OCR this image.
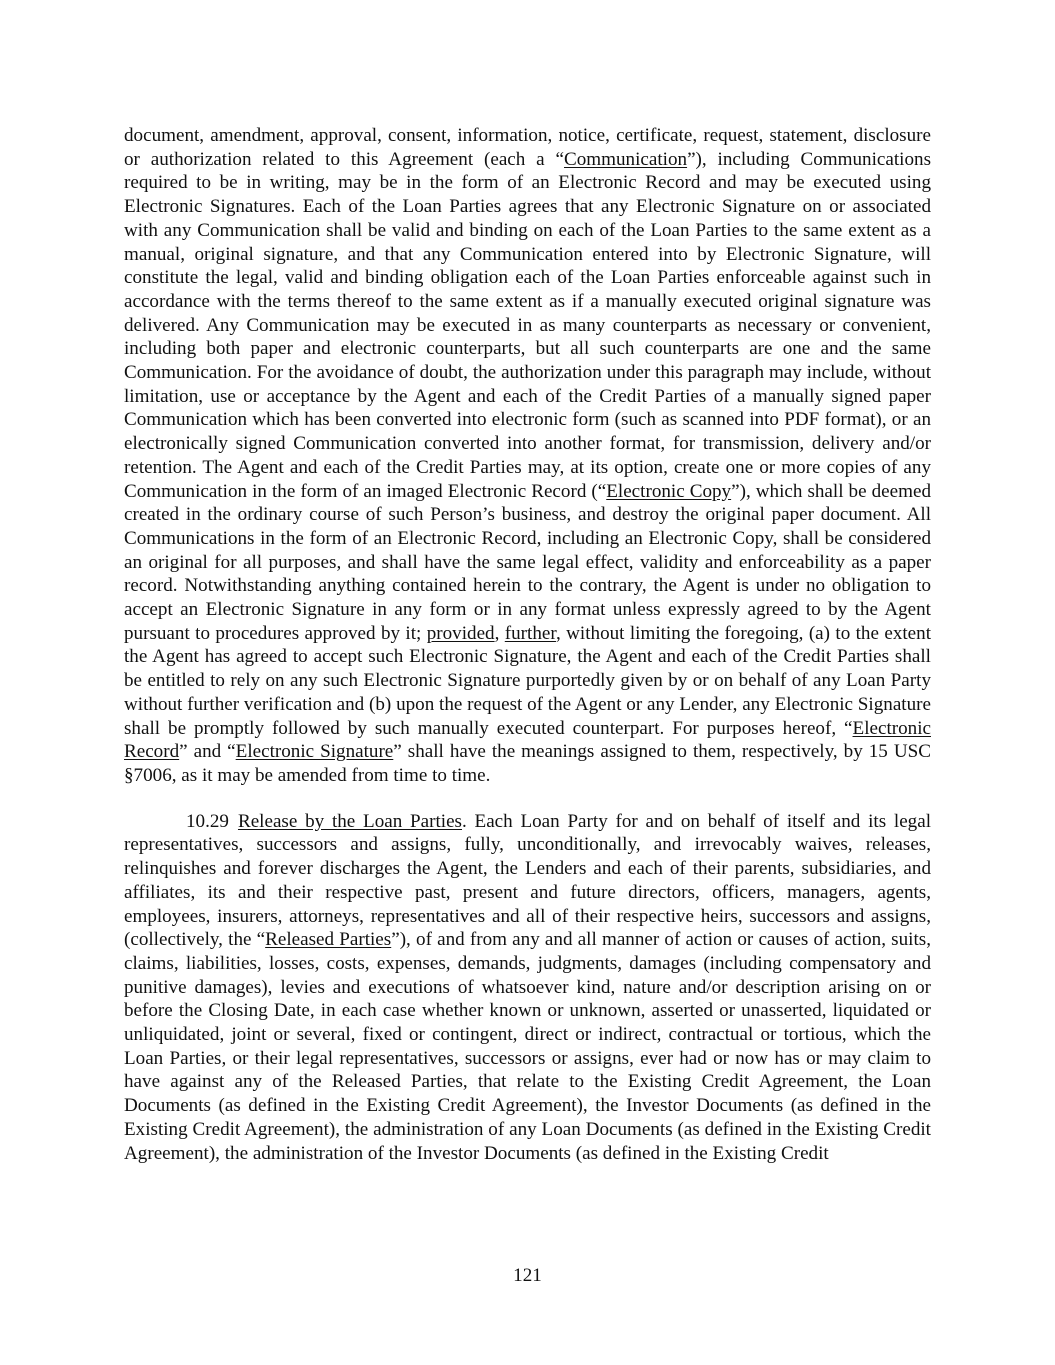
document, amendment, approval, consent, information, notice, certificate, request, statement, disclosure or authorization related to this Agreement (each a “Communication”), including Communications required to be in writing, may be in the form of an Electronic Record and may be executed using Electronic Signatures. Each of the Loan Parties agrees that any Electronic Signature on or associated with any Communication shall be valid and binding on each of the Loan Parties to the same extent as a manual, original signature, and that any Communication entered into by Electronic Signature, will constitute the legal, valid and binding obligation each of the Loan Parties enforceable against such in accordance with the terms thereof to the same extent as if a manually executed original signature was delivered. Any Communication may be executed in as many counterparts as necessary or convenient, including both paper and electronic counterparts, but all such counterparts are one and the same Communication. For the avoidance of doubt, the authorization under this paragraph may include, without limitation, use or acceptance by the Agent and each of the Credit Parties of a manually signed paper Communication which has been converted into electronic form (such as scanned into PDF format), or an electronically signed Communication converted into another format, for transmission, delivery and/or retention. The Agent and each of the Credit Parties may, at its option, create one or more copies of any Communication in the form of an imaged Electronic Record (“Electronic Copy”), which shall be deemed created in the ordinary course of such Person’s business, and destroy the original paper document. All Communications in the form of an Electronic Record, including an Electronic Copy, shall be considered an original for all purposes, and shall have the same legal effect, validity and enforceability as a paper record. Notwithstanding anything contained herein to the contrary, the Agent is under no obligation to accept an Electronic Signature in any form or in any format unless expressly agreed to by the Agent pursuant to procedures approved by it; provided, further, without limiting the foregoing, (a) to the extent the Agent has agreed to accept such Electronic Signature, the Agent and each of the Credit Parties shall be entitled to rely on any such Electronic Signature purportedly given by or on behalf of any Loan Party without further verification and (b) upon the request of the Agent or any Lender, any Electronic Signature shall be promptly followed by such manually executed counterpart. For purposes hereof, “Electronic Record” and “Electronic Signature” shall have the meanings assigned to them, respectively, by 15 USC §7006, as it may be amended from time to time.

10.29 Release by the Loan Parties. Each Loan Party for and on behalf of itself and its legal representatives, successors and assigns, fully, unconditionally, and irrevocably waives, releases, relinquishes and forever discharges the Agent, the Lenders and each of their parents, subsidiaries, and affiliates, its and their respective past, present and future directors, officers, managers, agents, employees, insurers, attorneys, representatives and all of their respective heirs, successors and assigns, (collectively, the “Released Parties”), of and from any and all manner of action or causes of action, suits, claims, liabilities, losses, costs, expenses, demands, judgments, damages (including compensatory and punitive damages), levies and executions of whatsoever kind, nature and/or description arising on or before the Closing Date, in each case whether known or unknown, asserted or unasserted, liquidated or unliquidated, joint or several, fixed or contingent, direct or indirect, contractual or tortious, which the Loan Parties, or their legal representatives, successors or assigns, ever had or now has or may claim to have against any of the Released Parties, that relate to the Existing Credit Agreement, the Loan Documents (as defined in the Existing Credit Agreement), the Investor Documents (as defined in the Existing Credit Agreement), the administration of any Loan Documents (as defined in the Existing Credit Agreement), the administration of the Investor Documents (as defined in the Existing Credit

121
